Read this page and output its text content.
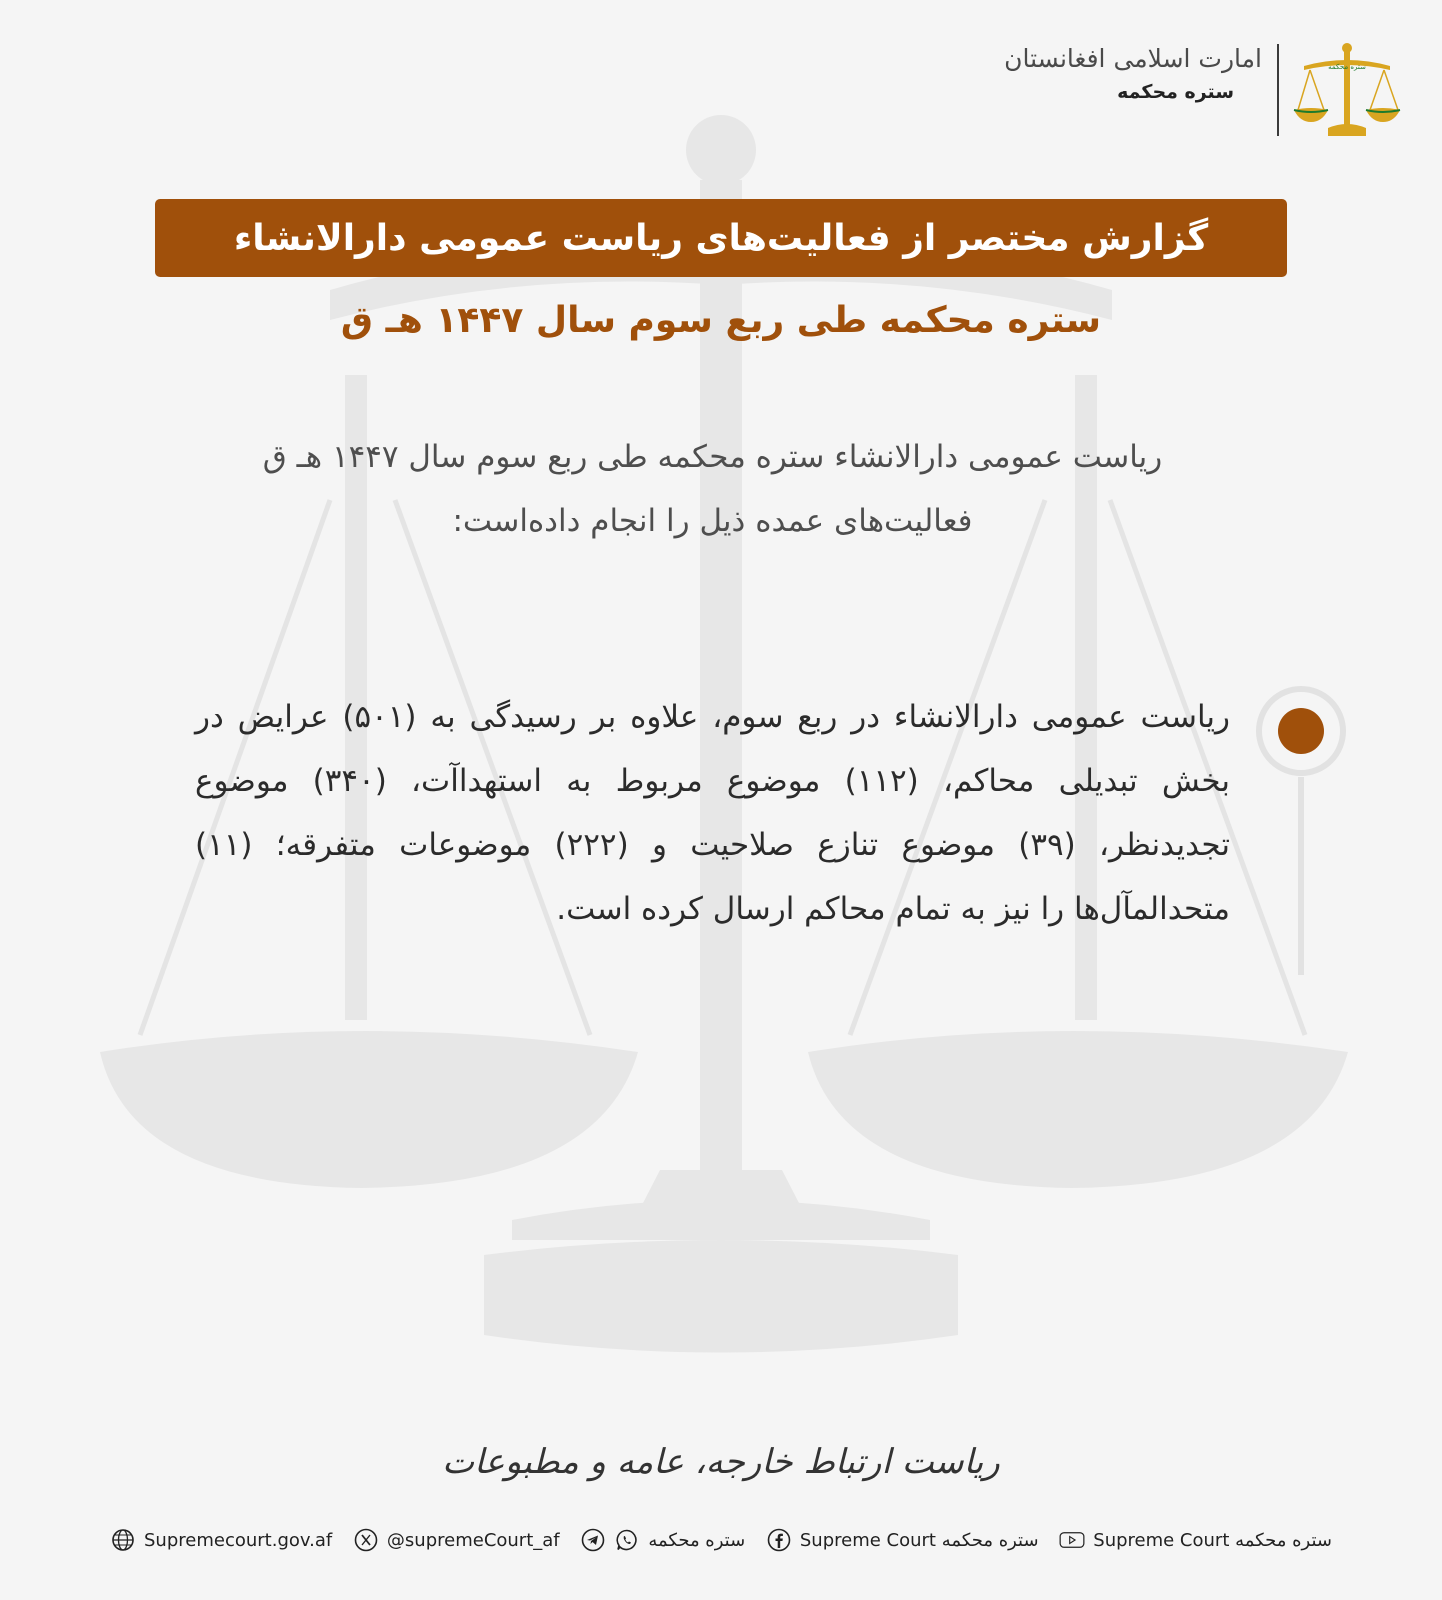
ستره محکمه
امارت اسلامی افغانستان
ستره محکمه
گزارش مختصر از فعالیت‌های ریاست عمومی دارالانشاء
ستره محکمه طی ربع سوم سال ۱۴۴۷ هـ ق
ریاست عمومی دارالانشاء ستره محکمه طی ربع سوم سال ۱۴۴۷ هـ ق فعالیت‌های عمده ذیل را انجام داده‌است:
ریاست عمومی دارالانشاء در ربع سوم، علاوه بر رسیدگی به (۵۰۱) عرایض در بخش تبدیلی محاکم، (۱۱۲) موضوع مربوط به استهداآت، (۳۴۰) موضوع تجدیدنظر، (۳۹) موضوع تنازع صلاحیت و (۲۲۲) موضوعات متفرقه؛ (۱۱) متحدالمآل‌ها را نیز به تمام محاکم ارسال کرده است.
ریاست ارتباط خارجه، عامه و مطبوعات
Supremecourt.gov.af	@supremeCourt_af	ستره محکمه	Supreme Court ستره محکمه	Supreme Court ستره محکمه
